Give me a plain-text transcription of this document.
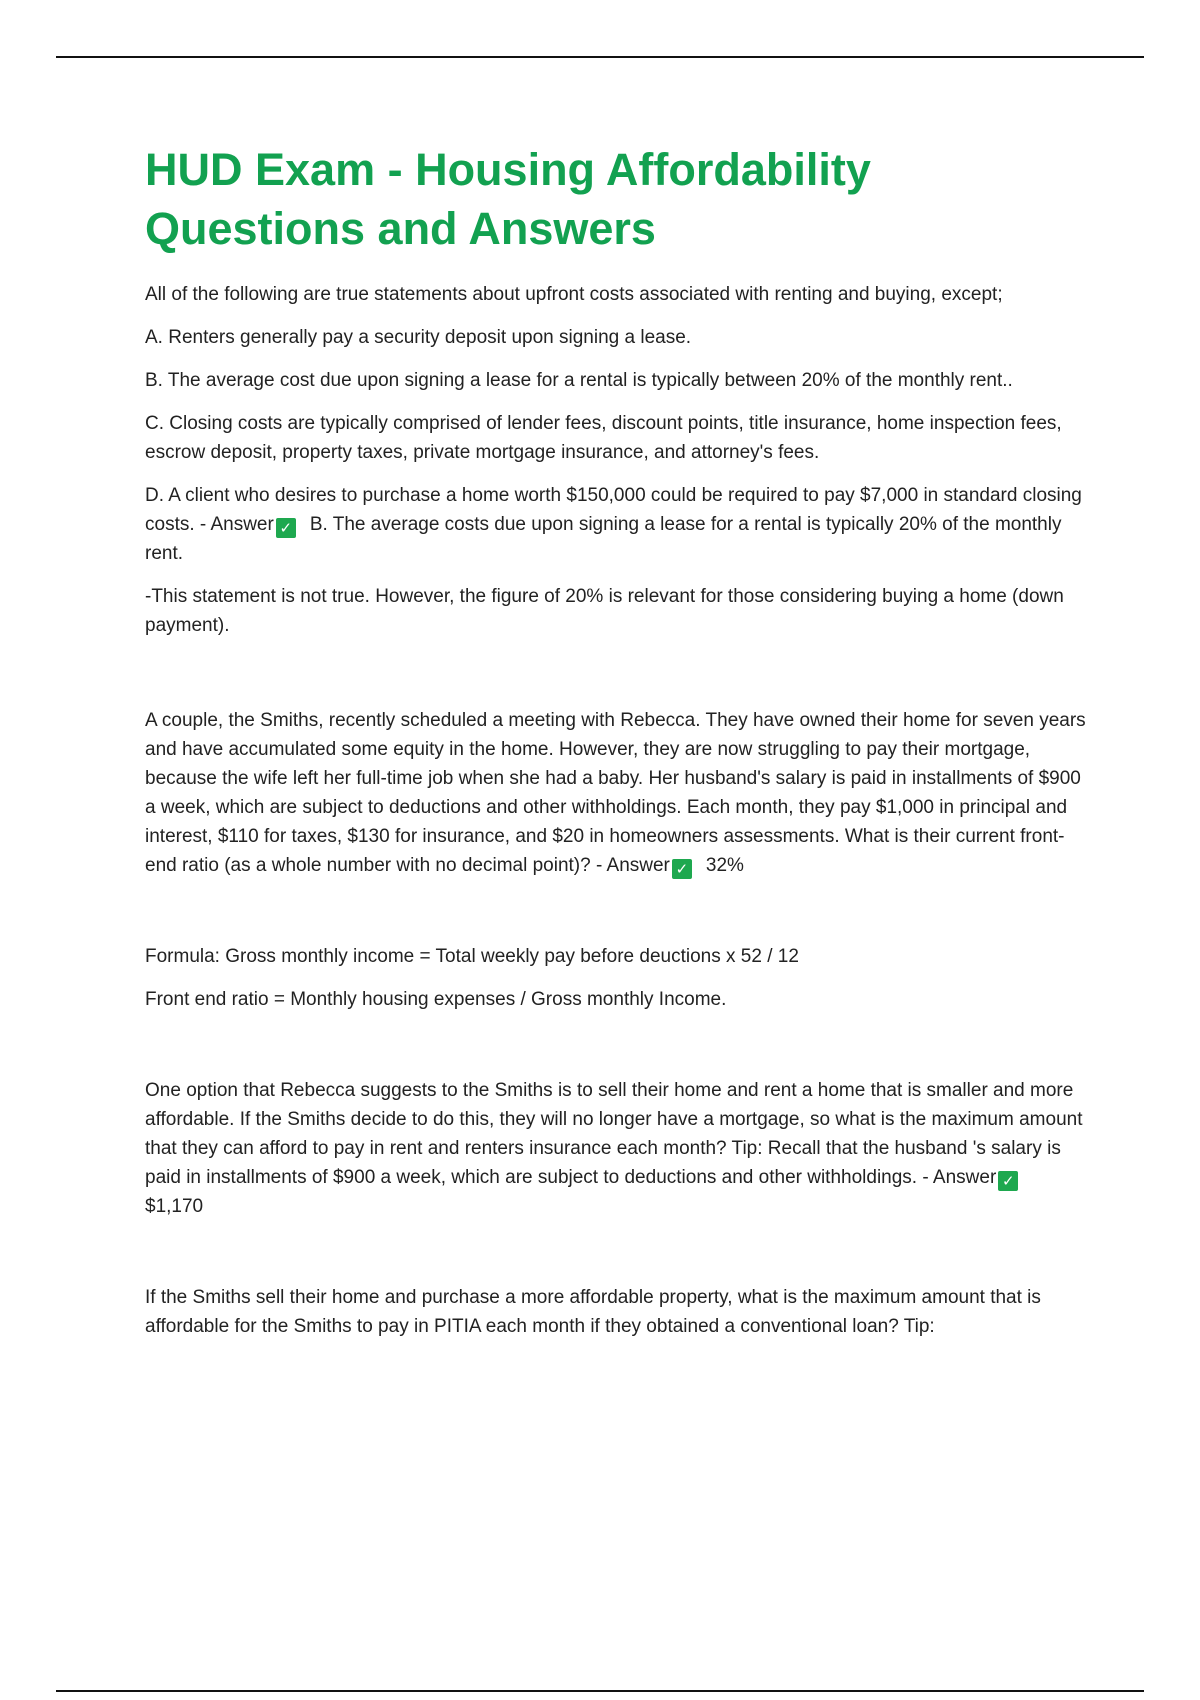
HUD Exam - Housing Affordability Questions and Answers

All of the following are true statements about upfront costs associated with renting and buying, except;

A. Renters generally pay a security deposit upon signing a lease.

B. The average cost due upon signing a lease for a rental is typically between 20% of the monthly rent..

C. Closing costs are typically comprised of lender fees, discount points, title insurance, home inspection fees, escrow deposit, property taxes, private mortgage insurance, and attorney's fees.

D. A client who desires to purchase a home worth $150,000 could be required to pay $7,000 in standard closing costs. - Answer ✓ B. The average costs due upon signing a lease for a rental is typically 20% of the monthly rent.

-This statement is not true. However, the figure of 20% is relevant for those considering buying a home (down payment).

A couple, the Smiths, recently scheduled a meeting with Rebecca. They have owned their home for seven years and have accumulated some equity in the home. However, they are now struggling to pay their mortgage, because the wife left her full-time job when she had a baby. Her husband's salary is paid in installments of $900 a week, which are subject to deductions and other withholdings. Each month, they pay $1,000 in principal and interest, $110 for taxes, $130 for insurance, and $20 in homeowners assessments. What is their current front-end ratio (as a whole number with no decimal point)? - Answer ✓ 32%

Formula: Gross monthly income = Total weekly pay before deuctions x 52 / 12

Front end ratio = Monthly housing expenses / Gross monthly Income.

One option that Rebecca suggests to the Smiths is to sell their home and rent a home that is smaller and more affordable. If the Smiths decide to do this, they will no longer have a mortgage, so what is the maximum amount that they can afford to pay in rent and renters insurance each month? Tip: Recall that the husband 's salary is paid in installments of $900 a week, which are subject to deductions and other withholdings. - Answer ✓$1,170

If the Smiths sell their home and purchase a more affordable property, what is the maximum amount that is affordable for the Smiths to pay in PITIA each month if they obtained a conventional loan? Tip:
